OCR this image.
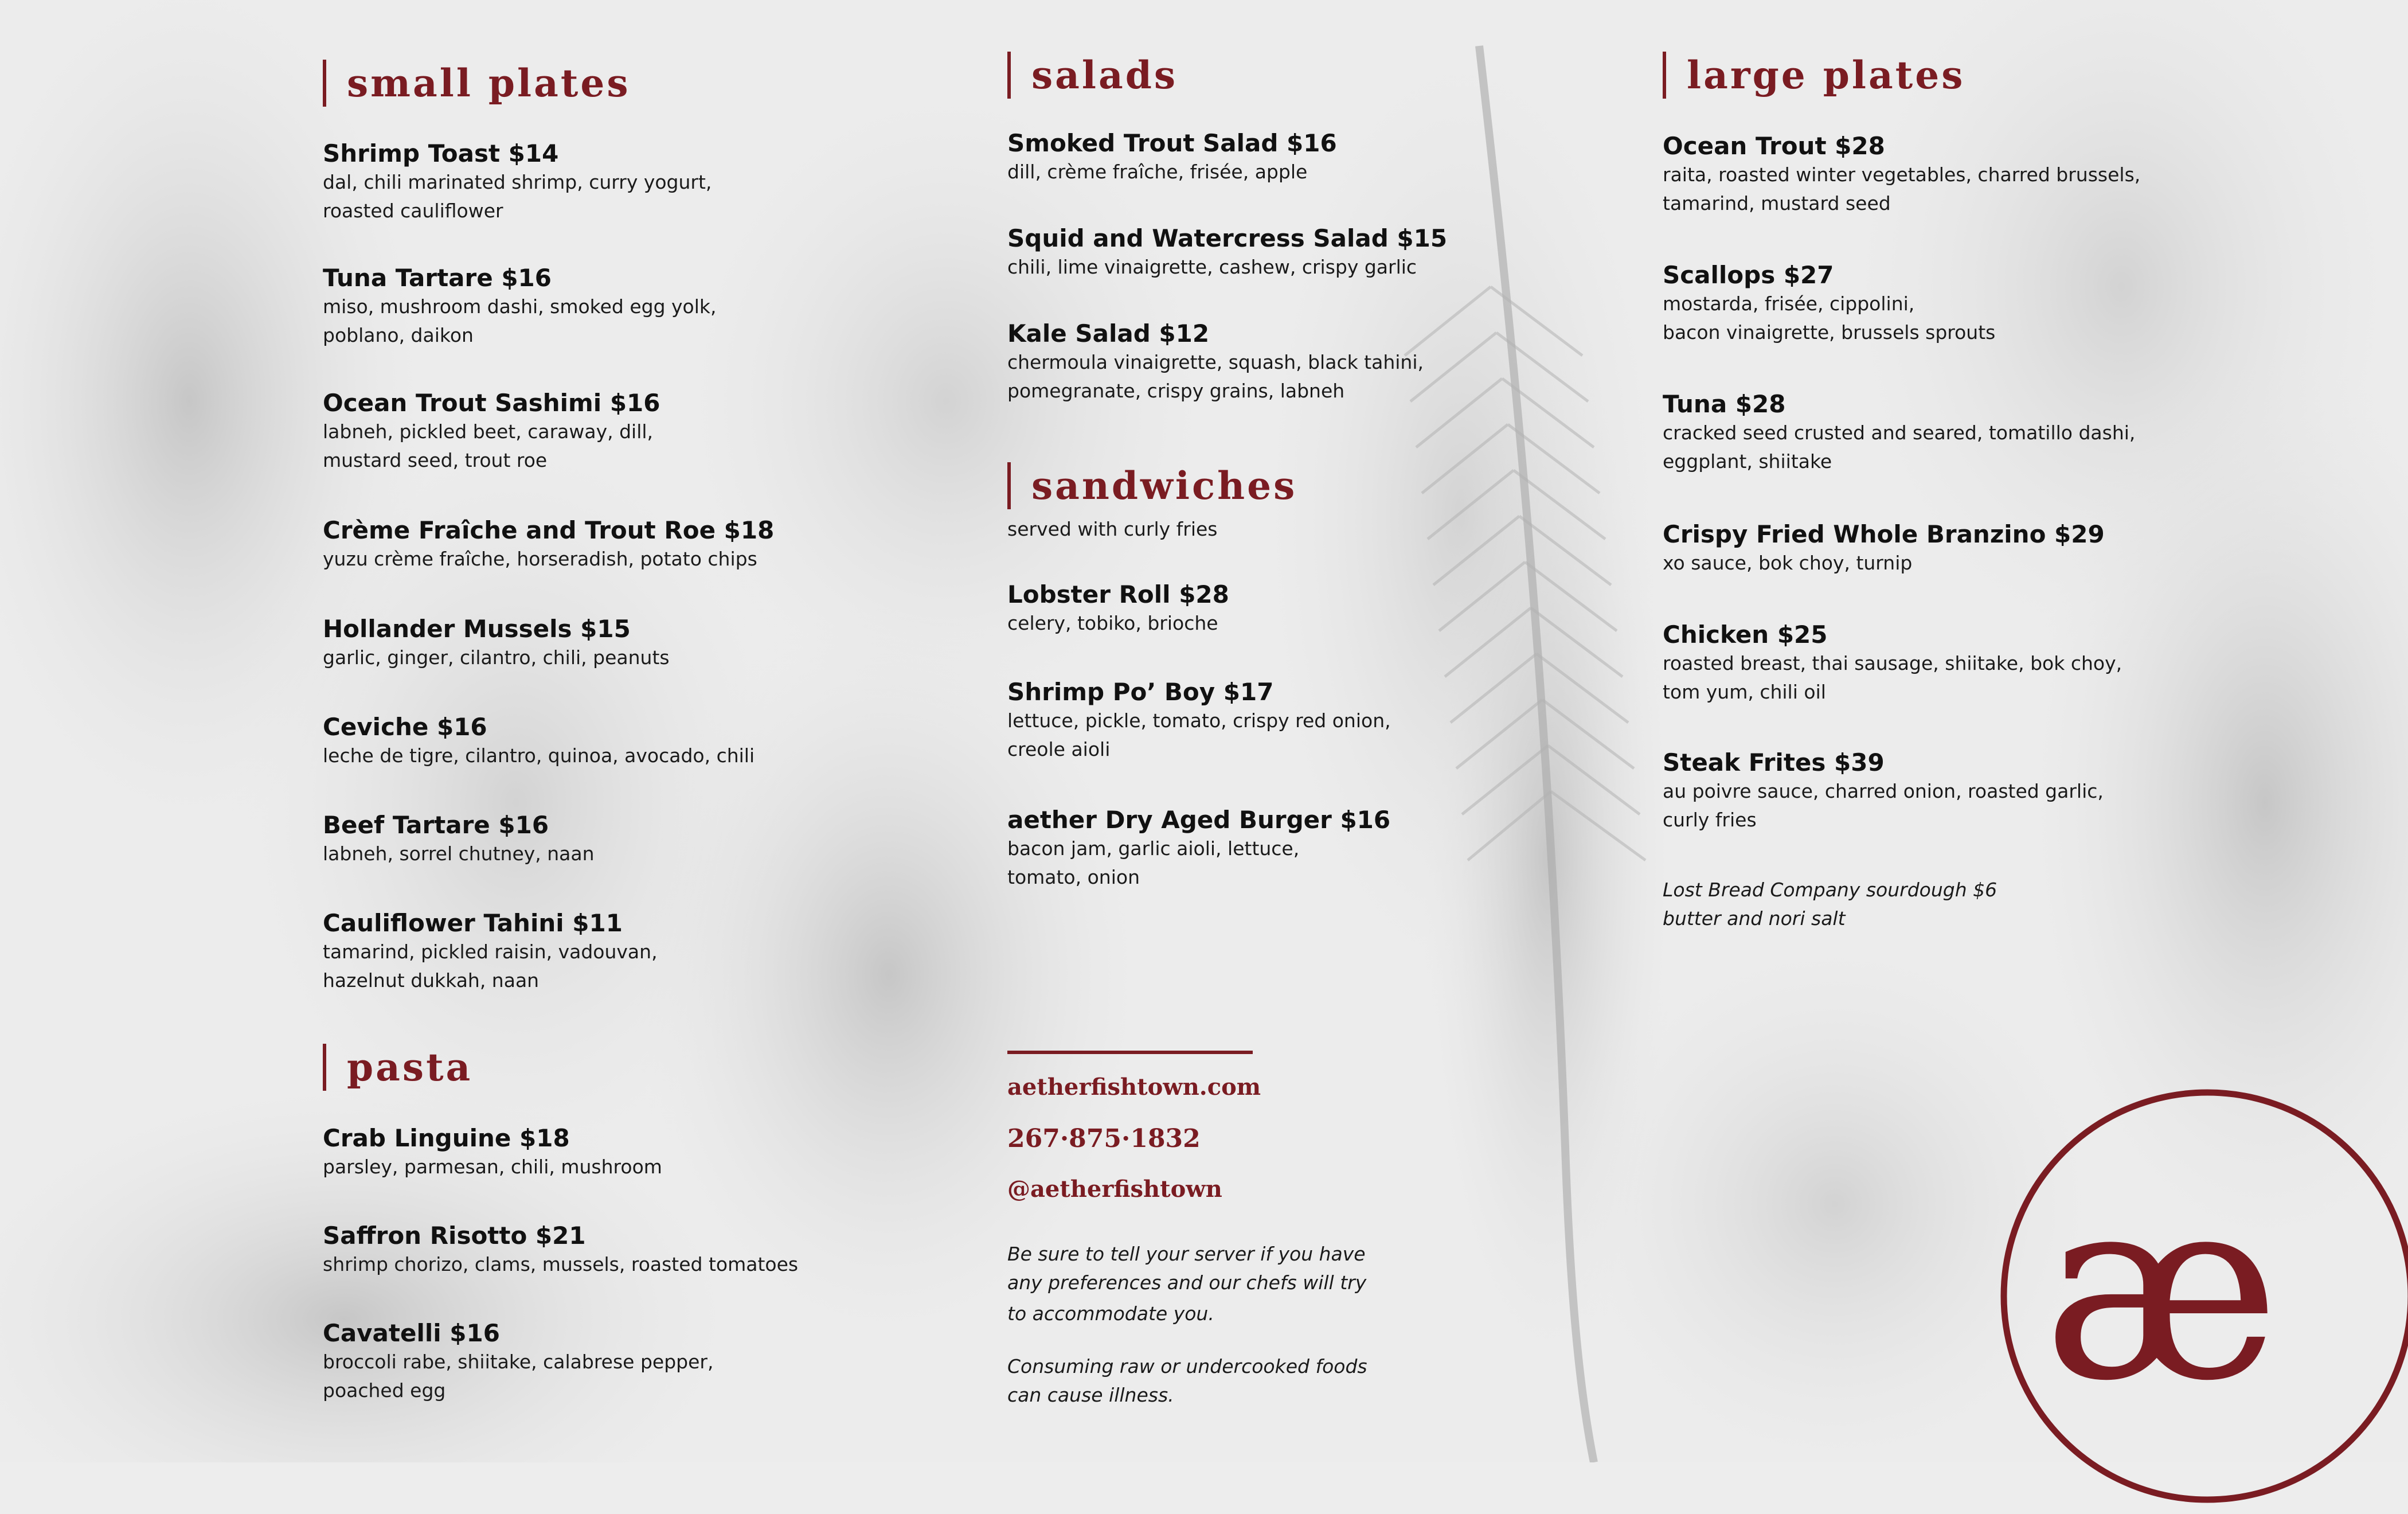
small plates
Shrimp Toast $14
dal, chili marinated shrimp, curry yogurt,
roasted cauliflower
Tuna Tartare $16
miso, mushroom dashi, smoked egg yolk,
poblano, daikon
Ocean Trout Sashimi $16
labneh, pickled beet, caraway, dill,
mustard seed, trout roe
Crème Fraîche and Trout Roe $18
yuzu crème fraîche, horseradish, potato chips
Hollander Mussels $15
garlic, ginger, cilantro, chili, peanuts
Ceviche $16
leche de tigre, cilantro, quinoa, avocado, chili
Beef Tartare $16
labneh, sorrel chutney, naan
Cauliflower Tahini $11
tamarind, pickled raisin, vadouvan,
hazelnut dukkah, naan
pasta
Crab Linguine $18
parsley, parmesan, chili, mushroom
Saffron Risotto $21
shrimp chorizo, clams, mussels, roasted tomatoes
Cavatelli $16
broccoli rabe, shiitake, calabrese pepper,
poached egg
salads
Smoked Trout Salad $16
dill, crème fraîche, frisée, apple
Squid and Watercress Salad $15
chili, lime vinaigrette, cashew, crispy garlic
Kale Salad $12
chermoula vinaigrette, squash, black tahini,
pomegranate, crispy grains, labneh
sandwiches
served with curly fries
Lobster Roll $28
celery, tobiko, brioche
Shrimp Po’ Boy $17
lettuce, pickle, tomato, crispy red onion,
creole aioli
aether Dry Aged Burger $16
bacon jam, garlic aioli, lettuce,
tomato, onion
aetherfishtown.com
267·875·1832
@aetherfishtown
Be sure to tell your server if you have
any preferences and our chefs will try
to accommodate you.
Consuming raw or undercooked foods
can cause illness.
large plates
Ocean Trout $28
raita, roasted winter vegetables, charred brussels,
tamarind, mustard seed
Scallops $27
mostarda, frisée, cippolini,
bacon vinaigrette, brussels sprouts
Tuna $28
cracked seed crusted and seared, tomatillo dashi,
eggplant, shiitake
Crispy Fried Whole Branzino $29
xo sauce, bok choy, turnip
Chicken $25
roasted breast, thai sausage, shiitake, bok choy,
tom yum, chili oil
Steak Frites $39
au poivre sauce, charred onion, roasted garlic,
curly fries
Lost Bread Company sourdough $6
butter and nori salt
æ
